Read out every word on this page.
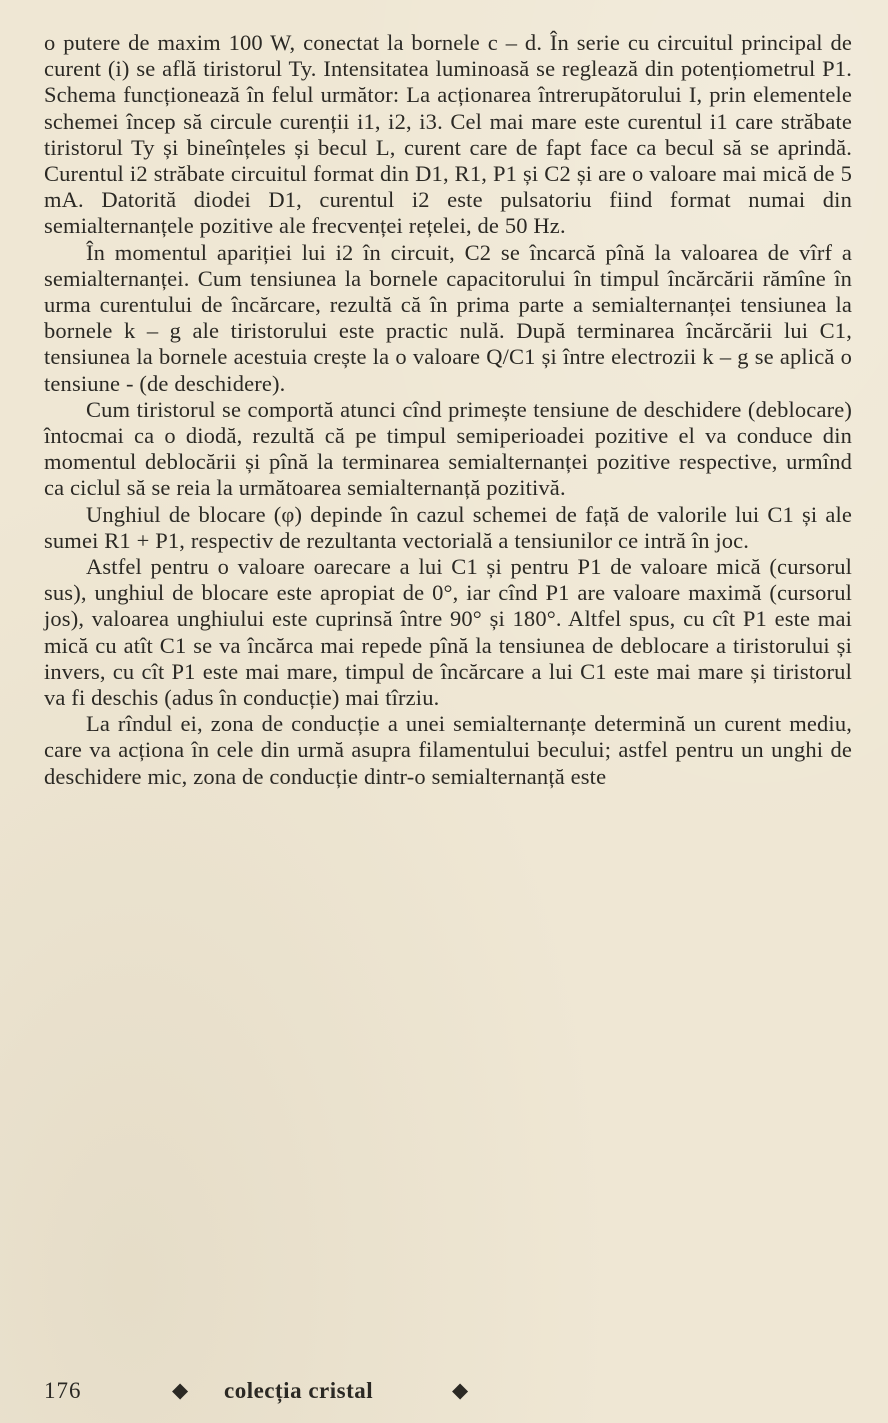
o putere de maxim 100 W, conectat la bornele c – d. În serie cu circuitul principal de curent (i) se află tiristorul Ty. Intensitatea luminoasă se reglează din potențiometrul P1. Schema funcționează în felul următor: La acționarea întrerupătorului I, prin elementele schemei încep să circule curenții i1, i2, i3. Cel mai mare este curentul i1 care străbate tiristorul Ty și bineînțeles și becul L, curent care de fapt face ca becul să se aprindă. Curentul i2 străbate circuitul format din D1, R1, P1 și C2 și are o valoare mai mică de 5 mA. Datorită diodei D1, curentul i2 este pulsatoriu fiind format numai din semialternanțele pozitive ale frecvenței rețelei, de 50 Hz.

În momentul apariției lui i2 în circuit, C2 se încarcă pînă la valoarea de vîrf a semialternanței. Cum tensiunea la bornele capacitorului în timpul încărcării rămîne în urma curentului de încărcare, rezultă că în prima parte a semialternanței tensiunea la bornele k – g ale tiristorului este practic nulă. După terminarea încărcării lui C1, tensiunea la bornele acestuia crește la o valoare Q/C1 și între electrozii k – g se aplică o tensiune - (de deschidere).

Cum tiristorul se comportă atunci cînd primește tensiune de deschidere (deblocare) întocmai ca o diodă, rezultă că pe timpul semiperioadei pozitive el va conduce din momentul deblocării și pînă la terminarea semialternanței pozitive respective, urmînd ca ciclul să se reia la următoarea semialternanță pozitivă.

Unghiul de blocare (φ) depinde în cazul schemei de față de valorile lui C1 și ale sumei R1 + P1, respectiv de rezultanta vectorială a tensiunilor ce intră în joc.

Astfel pentru o valoare oarecare a lui C1 și pentru P1 de valoare mică (cursorul sus), unghiul de blocare este apropiat de 0°, iar cînd P1 are valoare maximă (cursorul jos), valoarea unghiului este cuprinsă între 90° și 180°. Altfel spus, cu cît P1 este mai mică cu atît C1 se va încărca mai repede pînă la tensiunea de deblocare a tiristorului și invers, cu cît P1 este mai mare, timpul de încărcare a lui C1 este mai mare și tiristorul va fi deschis (adus în conducție) mai tîrziu.

La rîndul ei, zona de conducție a unei semialternanțe determină un curent mediu, care va acționa în cele din urmă asupra filamentului becului; astfel pentru un unghi de deschidere mic, zona de conducție dintr-o semialternanță este

176	◆ colecția cristal	◆
